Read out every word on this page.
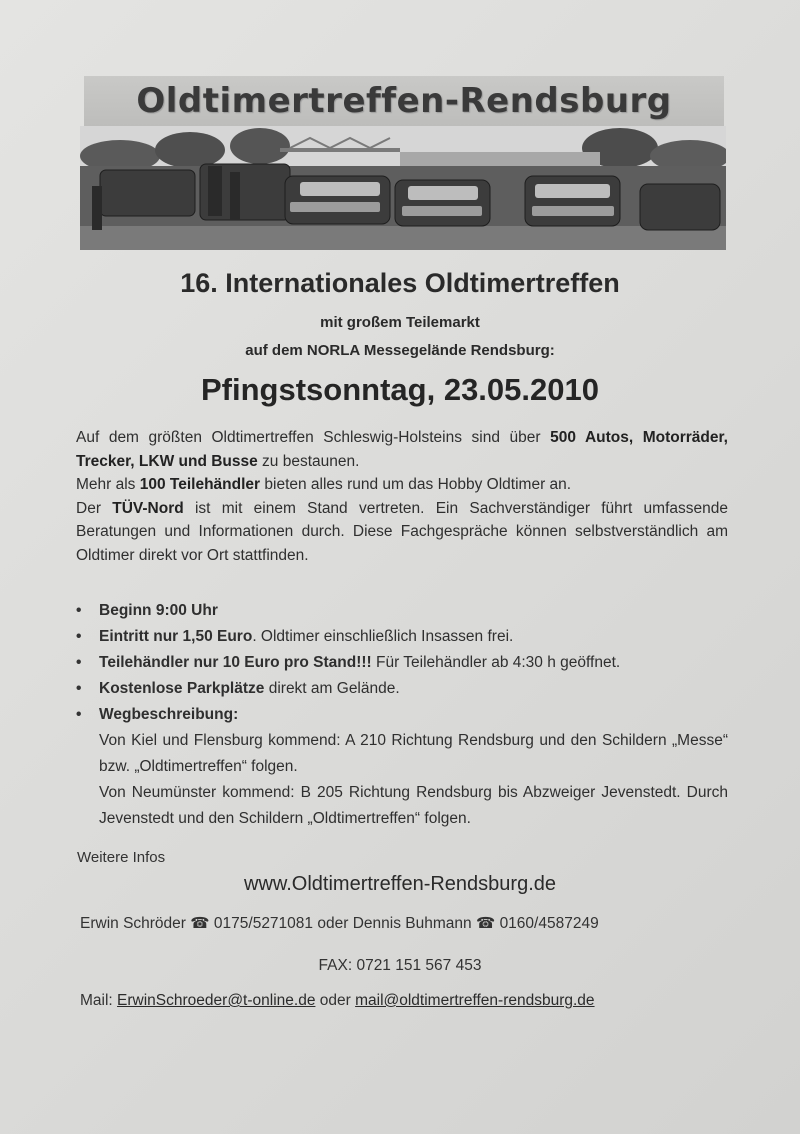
Oldtimertreffen-Rendsburg
16. Internationales Oldtimertreffen
mit großem Teilemarkt
auf dem NORLA Messegelände Rendsburg:
Pfingstsonntag, 23.05.2010

Auf dem größten Oldtimertreffen Schleswig-Holsteins sind über 500 Autos, Motorräder, Trecker, LKW und Busse zu bestaunen.

Mehr als 100 Teilehändler bieten alles rund um das Hobby Oldtimer an.

Der TÜV-Nord ist mit einem Stand vertreten. Ein Sachverständiger führt umfassende Beratungen und Informationen durch. Diese Fachgespräche können selbstverständlich am Oldtimer direkt vor Ort stattfinden.

• Beginn 9:00 Uhr
• Eintritt nur 1,50 Euro. Oldtimer einschließlich Insassen frei.
• Teilehändler nur 10 Euro pro Stand!!! Für Teilehändler ab 4:30 h geöffnet.
• Kostenlose Parkplätze direkt am Gelände.
• Wegbeschreibung:

Von Kiel und Flensburg kommend: A 210 Richtung Rendsburg und den Schildern „Messe“ bzw. „Oldtimertreffen“ folgen.

Von Neumünster kommend: B 205 Richtung Rendsburg bis Abzweiger Jevenstedt. Durch Jevenstedt und den Schildern „Oldtimertreffen“ folgen.

Weitere Infos
www.Oldtimertreffen-Rendsburg.de
Erwin Schröder ☎ 0175/5271081 oder Dennis Buhmann ☎ 0160/4587249
FAX: 0721 151 567 453
Mail: ErwinSchroeder@t-online.de oder mail@oldtimertreffen-rendsburg.de
